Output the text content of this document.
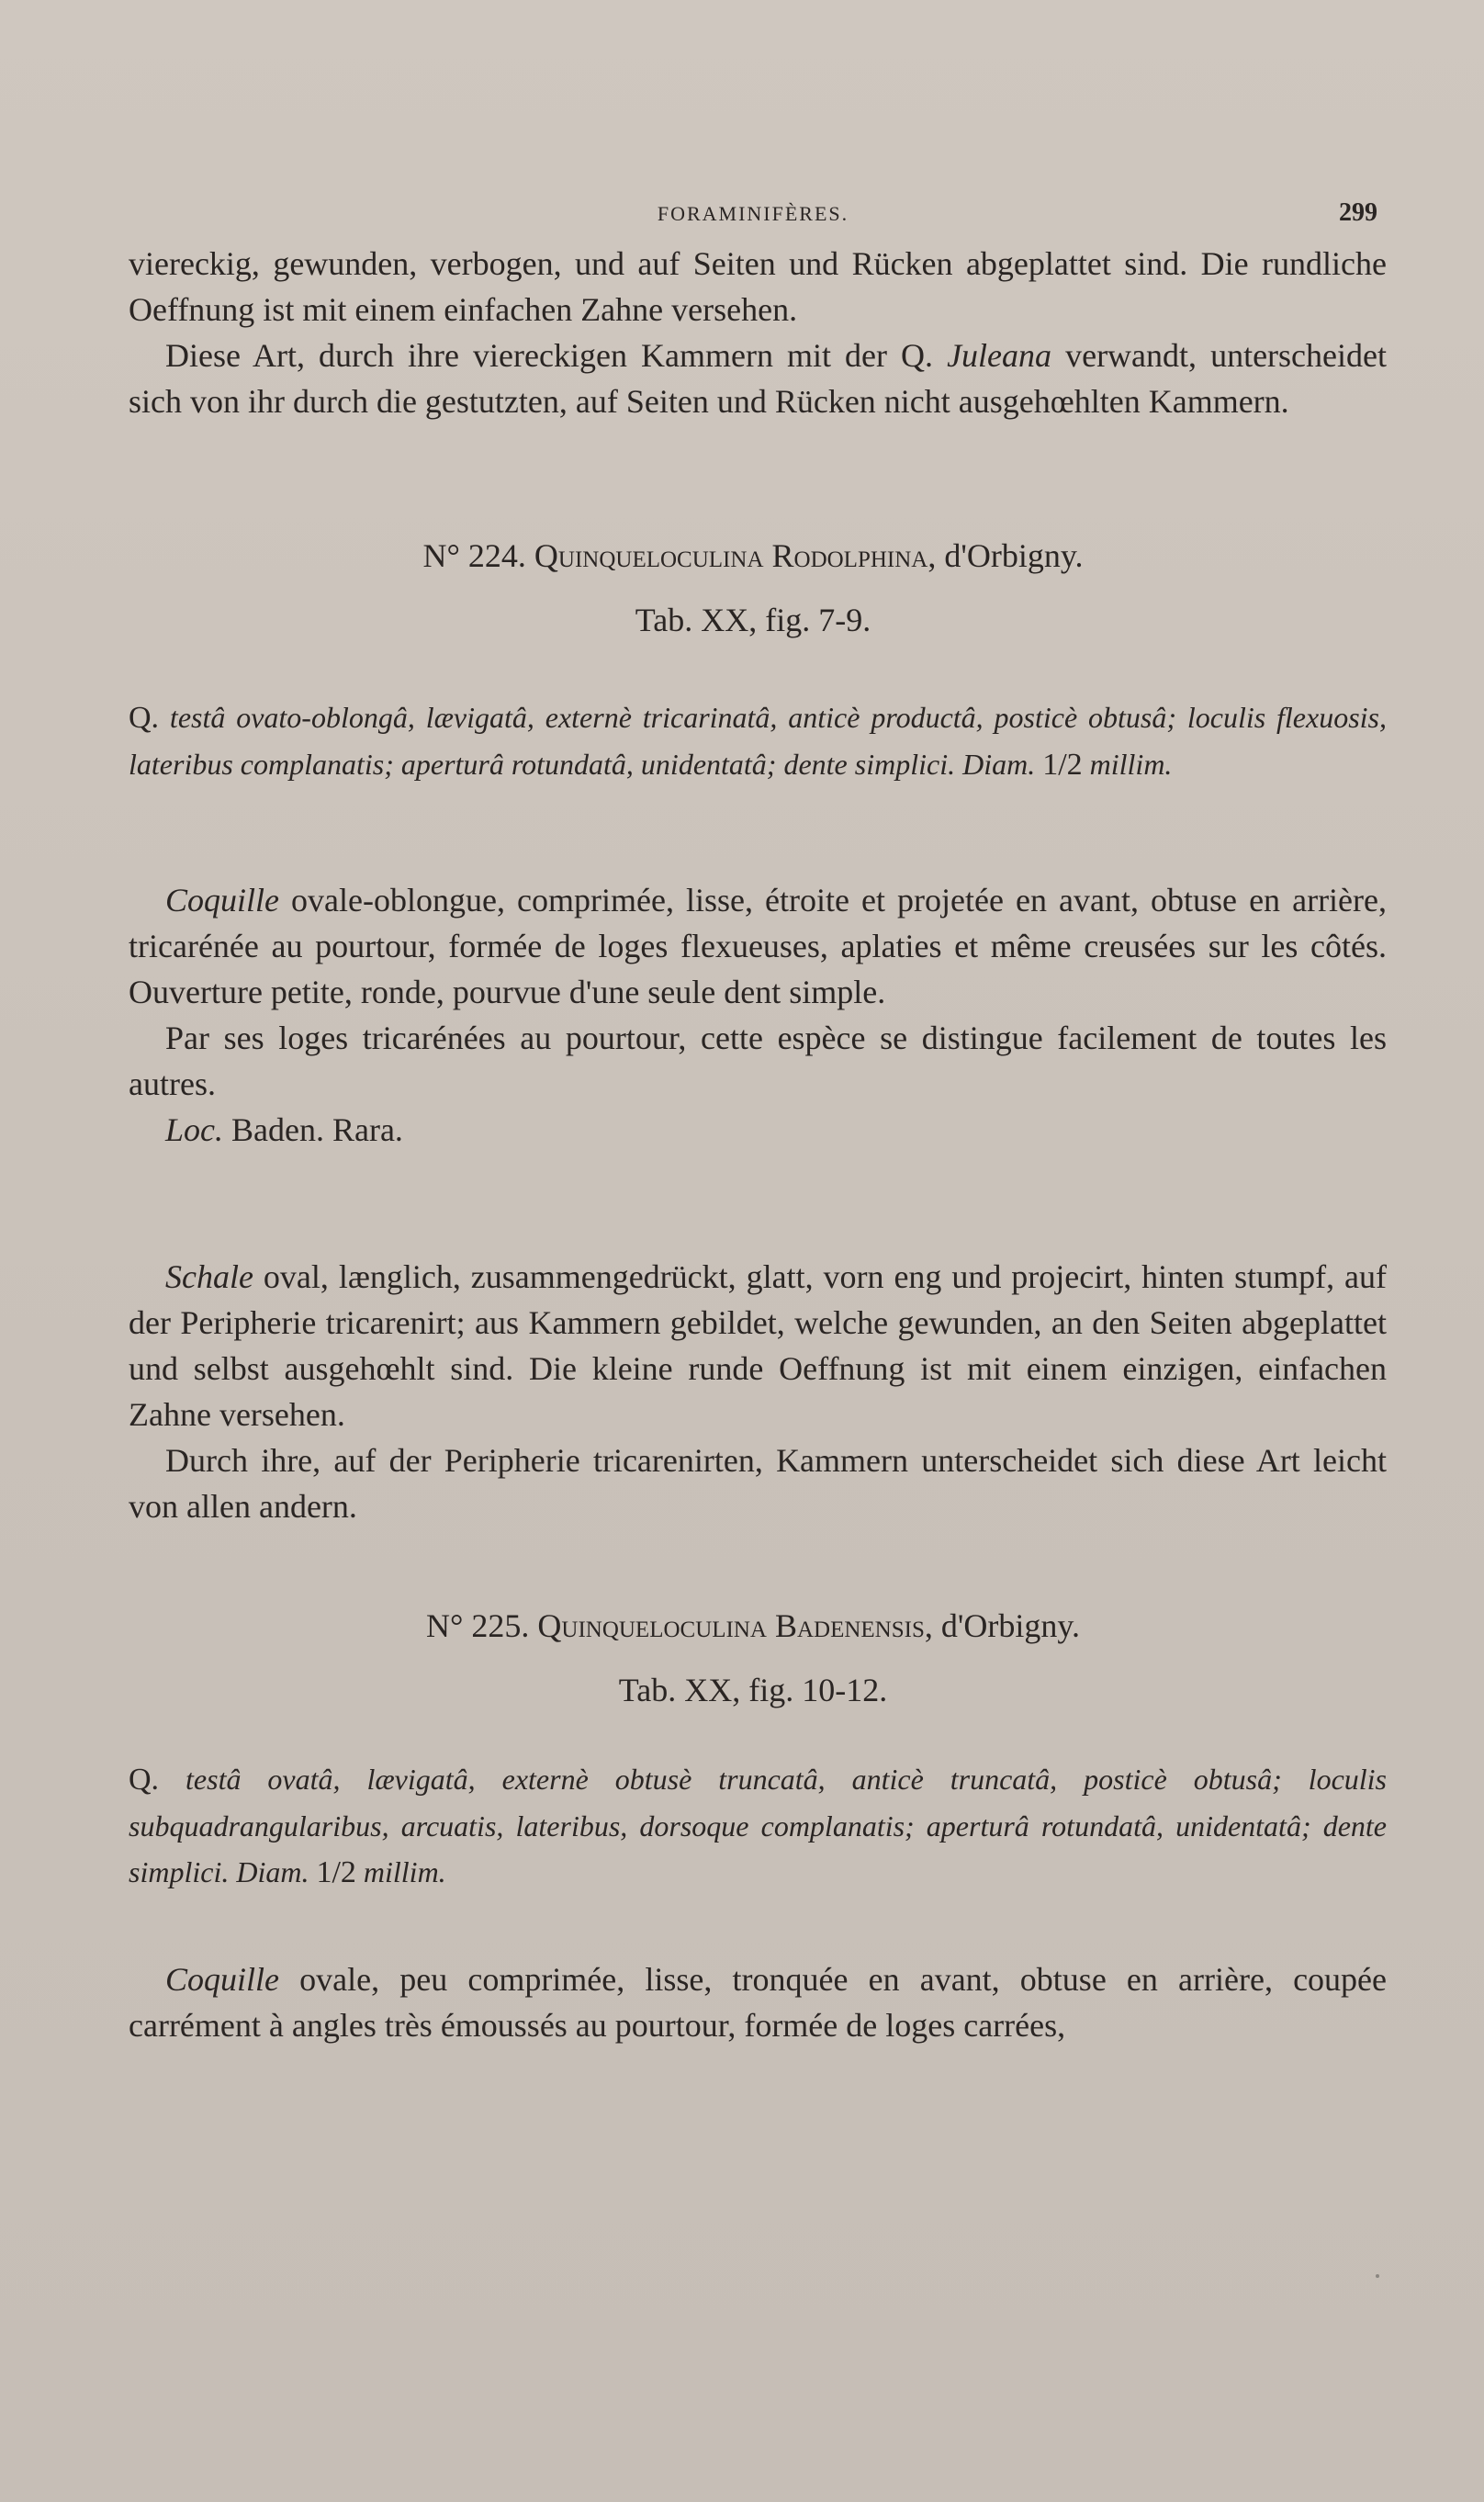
FORAMINIFÈRES.	299

viereckig, gewunden, verbogen, und auf Seiten und Rücken abgeplattet sind. Die rundliche Oeffnung ist mit einem einfachen Zahne versehen.

Diese Art, durch ihre viereckigen Kammern mit der Q. Juleana verwandt, unterscheidet sich von ihr durch die gestutzten, auf Seiten und Rücken nicht ausgehœhlten Kammern.

N° 224. Quinqueloculina Rodolphina, d'Orbigny.
Tab. XX, fig. 7-9.

Q. testâ ovato-oblongâ, lævigatâ, externè tricarinatâ, anticè productâ, posticè obtusâ; loculis flexuosis, lateribus complanatis; aperturâ rotundatâ, unidentatâ; dente simplici. Diam. 1/2 millim.

Coquille ovale-oblongue, comprimée, lisse, étroite et projetée en avant, obtuse en arrière, tricarénée au pourtour, formée de loges flexueuses, aplaties et même creusées sur les côtés. Ouverture petite, ronde, pourvue d'une seule dent simple.

Par ses loges tricarénées au pourtour, cette espèce se distingue facilement de toutes les autres.

Loc. Baden. Rara.

Schale oval, længlich, zusammengedrückt, glatt, vorn eng und projecirt, hinten stumpf, auf der Peripherie tricarenirt; aus Kammern gebildet, welche gewunden, an den Seiten abgeplattet und selbst ausgehœhlt sind. Die kleine runde Oeffnung ist mit einem einzigen, einfachen Zahne versehen.

Durch ihre, auf der Peripherie tricarenirten, Kammern unterscheidet sich diese Art leicht von allen andern.

N° 225. Quinqueloculina Badenensis, d'Orbigny.
Tab. XX, fig. 10-12.

Q. testâ ovatâ, lævigatâ, externè obtusè truncatâ, anticè truncatâ, posticè obtusâ; loculis subquadrangularibus, arcuatis, lateribus, dorsoque complanatis; aperturâ rotundatâ, unidentatâ; dente simplici. Diam. 1/2 millim.

Coquille ovale, peu comprimée, lisse, tronquée en avant, obtuse en arrière, coupée carrément à angles très émoussés au pourtour, formée de loges carrées,
